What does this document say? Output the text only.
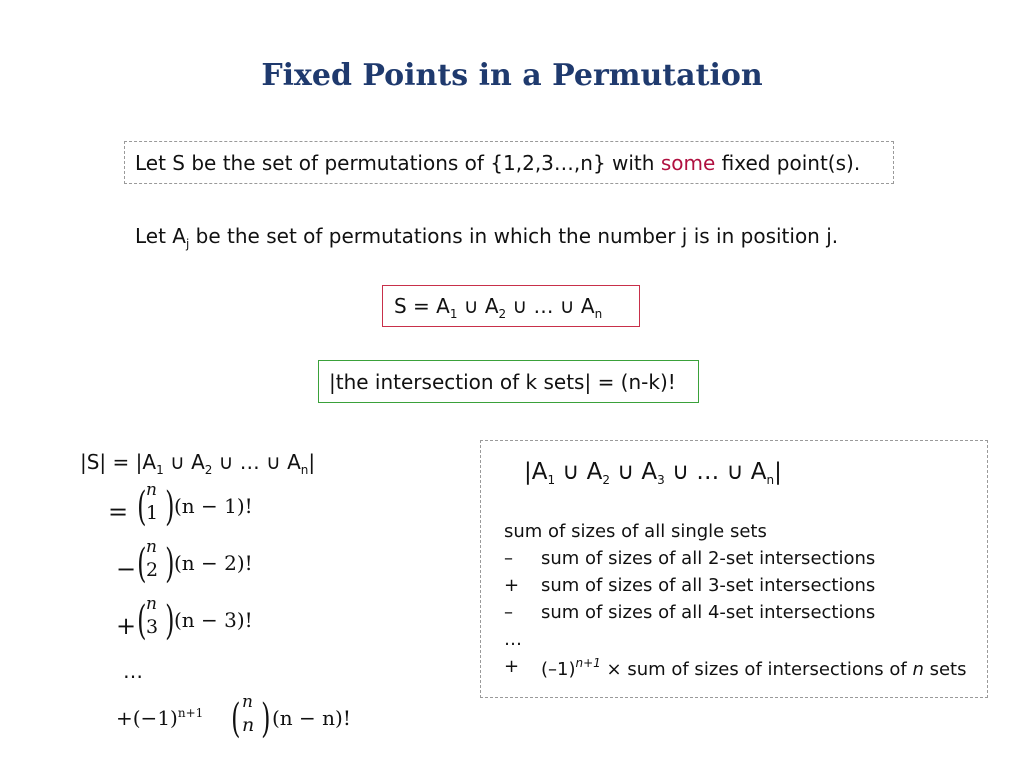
Fixed Points in a Permutation
Let S be the set of permutations of {1,2,3…,n} with some fixed point(s).
Let $A_j$ be the set of permutations in which the number j is in position j.
$S = A_1$ ∪ $A_2$ ∪ … ∪ $A_n$
|the intersection of k sets| = (n-k)!
$|S| = |A_1$ ∪ $A_2$ ∪ … ∪ $A_n|$
= ( n
1 ) (n − 1)!
− ( n
2 ) (n − 2)!
+ ( n
3 ) (n − 3)!
…
$+(-1)^{n+1}$ ( n
n ) (n − n)!
$|A_1$ ∪ $A_2$ ∪ $A_3$ ∪ … ∪ $A_n|$
sum of sizes of all single sets
–	sum of sizes of all 2-set intersections
+	sum of sizes of all 3-set intersections
–	sum of sizes of all 4-set intersections
…
+	$(-1)^{n+1}$ × sum of sizes of intersections of n sets
